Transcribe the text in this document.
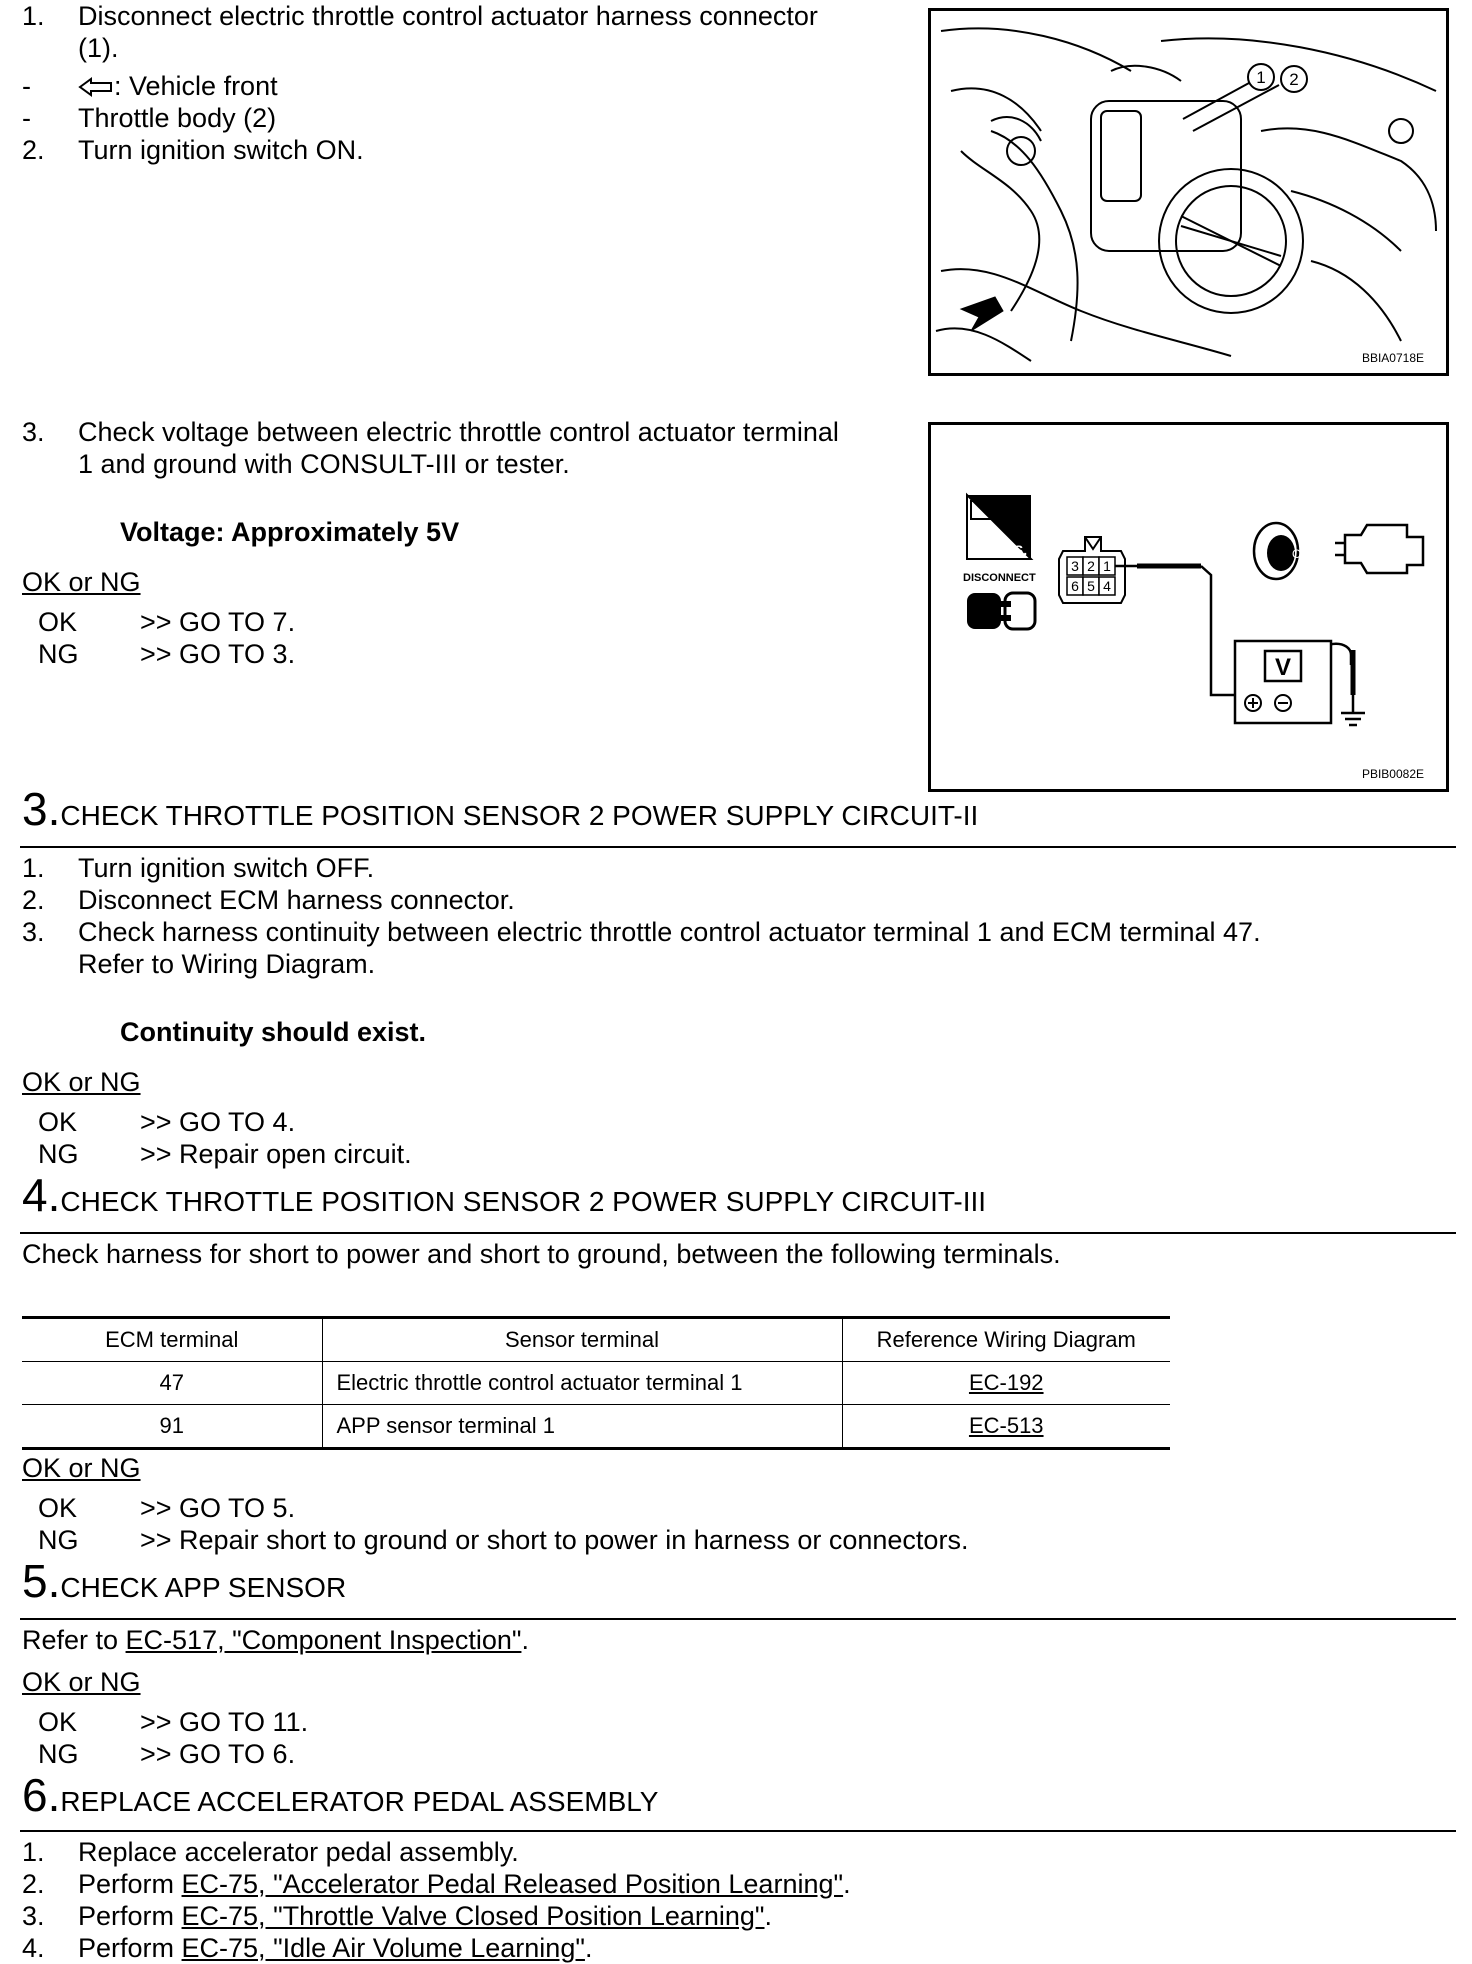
1. Disconnect electric throttle control actuator harness connector
(1).
-	: Vehicle front
- Throttle body (2)
2. Turn ignition switch ON.
1 2
BBIA0718E
3. Check voltage between electric throttle control actuator terminal
1 and ground with CONSULT-III or tester.
Voltage: Approximately 5V
OK or NG
OK >> GO TO 7.
NG >> GO TO 3.
T.S.
DISCONNECT
3 2 1
6 5 4
V
ON
PBIB0082E
3.CHECK THROTTLE POSITION SENSOR 2 POWER SUPPLY CIRCUIT-II
1. Turn ignition switch OFF.
2. Disconnect ECM harness connector.
3. Check harness continuity between electric throttle control actuator terminal 1 and ECM terminal 47.
Refer to Wiring Diagram.
Continuity should exist.
OK or NG
OK >> GO TO 4.
NG >> Repair open circuit.
4.CHECK THROTTLE POSITION SENSOR 2 POWER SUPPLY CIRCUIT-III
Check harness for short to power and short to ground, between the following terminals.
ECM terminal	Sensor terminal	Reference Wiring Diagram
47	Electric throttle control actuator terminal 1	EC-192
91	APP sensor terminal 1	EC-513
OK or NG
OK >> GO TO 5.
NG >> Repair short to ground or short to power in harness or connectors.
5.CHECK APP SENSOR
Refer to EC-517, "Component Inspection".
OK or NG
OK >> GO TO 11.
NG >> GO TO 6.
6.REPLACE ACCELERATOR PEDAL ASSEMBLY
1. Replace accelerator pedal assembly.
2. Perform EC-75, "Accelerator Pedal Released Position Learning".
3. Perform EC-75, "Throttle Valve Closed Position Learning".
4. Perform EC-75, "Idle Air Volume Learning".
